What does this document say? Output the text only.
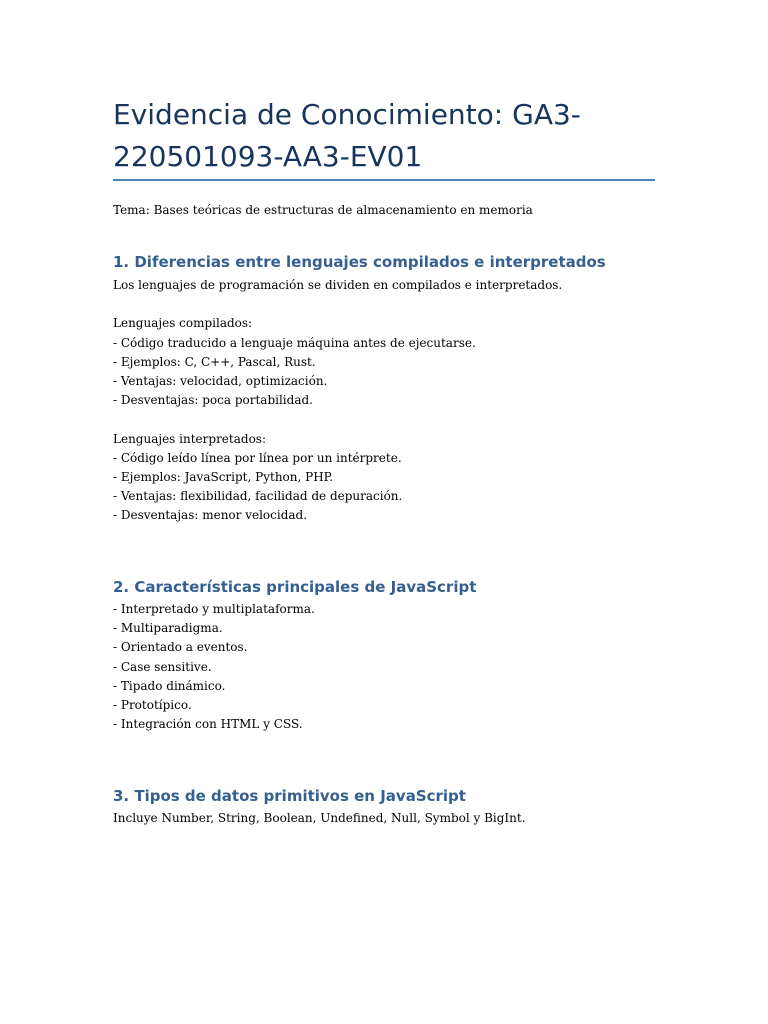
Evidencia de Conocimiento: GA3-220501093-AA3-EV01

Tema: Bases teóricas de estructuras de almacenamiento en memoria

1. Diferencias entre lenguajes compilados e interpretados
Los lenguajes de programación se dividen en compilados e interpretados.
Lenguajes compilados:
- Código traducido a lenguaje máquina antes de ejecutarse.
- Ejemplos: C, C++, Pascal, Rust.
- Ventajas: velocidad, optimización.
- Desventajas: poca portabilidad.
Lenguajes interpretados:
- Código leído línea por línea por un intérprete.
- Ejemplos: JavaScript, Python, PHP.
- Ventajas: flexibilidad, facilidad de depuración.
- Desventajas: menor velocidad.
2. Características principales de JavaScript
- Interpretado y multiplataforma.
- Multiparadigma.
- Orientado a eventos.
- Case sensitive.
- Tipado dinámico.
- Prototípico.
- Integración con HTML y CSS.
3. Tipos de datos primitivos en JavaScript
Incluye Number, String, Boolean, Undefined, Null, Symbol y BigInt.
